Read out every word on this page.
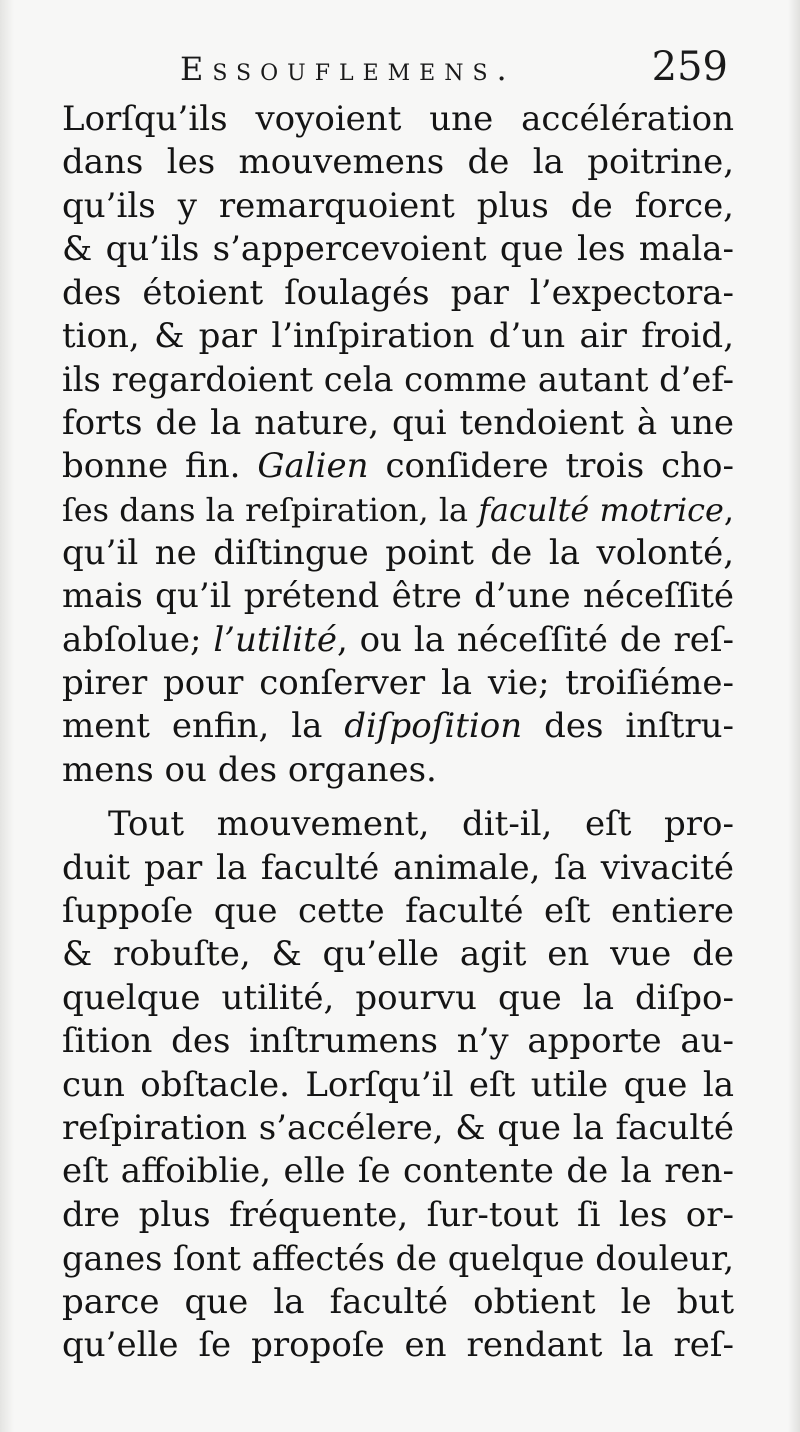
Essouflemens.	259
Lorſqu’ils voyoient une accélération
dans les mouvemens de la poitrine,
qu’ils y remarquoient plus de force,
& qu’ils s’appercevoient que les mala-
des étoient ſoulagés par l’expectora-
tion, & par l’inſpiration d’un air froid,
ils regardoient cela comme autant d’ef-
forts de la nature, qui tendoient à une
bonne fin. Galien conſidere trois cho-
ſes dans la reſpiration, la faculté motrice,
qu’il ne diſtingue point de la volonté,
mais qu’il prétend être d’une néceſſité
abſolue; l’utilité, ou la néceſſité de reſ-
pirer pour conſerver la vie; troiſiéme-
ment enfin, la diſpoſition des inſtru-
mens ou des organes.
Tout mouvement, dit-il, eſt pro-
duit par la faculté animale, ſa vivacité
ſuppoſe que cette faculté eſt entiere
& robuſte, & qu’elle agit en vue de
quelque utilité, pourvu que la diſpo-
ſition des inſtrumens n’y apporte au-
cun obſtacle. Lorſqu’il eſt utile que la
reſpiration s’accélere, & que la faculté
eſt affoiblie, elle ſe contente de la ren-
dre plus fréquente, ſur-tout ſi les or-
ganes ſont affectés de quelque douleur,
parce que la faculté obtient le but
qu’elle ſe propoſe en rendant la reſ-
